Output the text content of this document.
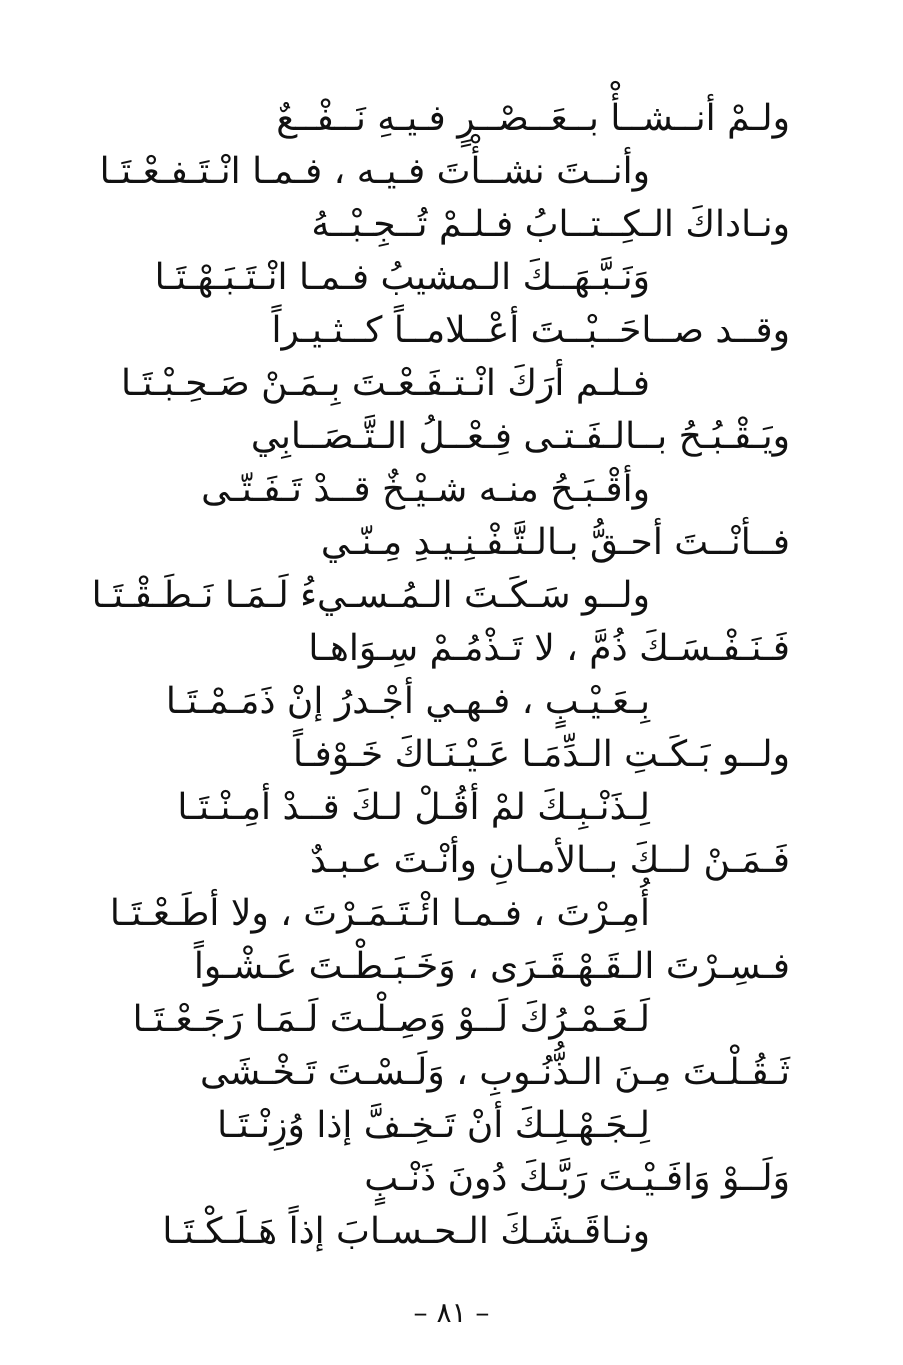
ولـمْ أنــشــأْ بــعَــصْــرٍ فـيـهِ نَــفْــعٌ
وأنــتَ نشــأْتَ فـيـه ، فـمـا انْـتَـفـعْـتَـا
ونـاداكَ الـكِــتــابُ فـلـمْ تُــجِـبْــهُ
وَنَـبَّـهَــكَ الـمشيبُ فـمـا انْـتَـبَـهْـتَـا
وقــد صــاحَــبْــتَ أعْــلامــاً كــثـيـراً
فـلـم أرَكَ انْـتـفَـعْـتَ بِـمَـنْ صَـحِـبْـتَـا
ويَـقْـبُـحُ بــالـفَـتـى فِـعْــلُ الـتَّـصَــابِي
وأقْـبَـحُ منـه شـيْـخٌ قــدْ تَـفَـتّـى
فــأنْــتَ أحـقُّ بـالـتَّـفْـنِـيـدِ مِـنّـي
ولــو سَـكَـتَ الـمُـسـيءُ لَـمَـا نَـطَـقْـتَـا
فَـنَـفْـسَـكَ ذُمَّ ، لا تَـذْمُـمْ سِـوَاهـا
بِـعَـيْـبٍ ، فـهـي أجْـدرُ إنْ ذَمَـمْـتَـا
ولــو بَـكَـتِ الـدِّمَـا عَـيْـنَـاكَ خَـوْفـاً
لِـذَنْـبِـكَ لمْ أقُـلْ لـكَ قــدْ أمِـنْـتَـا
فَـمَـنْ لــكَ بــالأمـانِ وأنْـتَ عـبـدٌ
أُمِـرْتَ ، فـمـا ائْـتَـمَـرْتَ ، ولا أطَـعْـتَـا
فـسِـرْتَ الـقَـهْـقَـرَى ، وَخَـبَـطْـتَ عَـشْـواً
لَـعَـمْـرُكَ لَــوْ وَصِـلْـتَ لَـمَـا رَجَـعْـتَـا
ثَـقُـلْـتَ مِـنَ الـذُّنُـوبِ ، وَلَـسْـتَ تَـخْـشَى
لِـجَـهْـلِـكَ أنْ تَـخِـفَّ إذا وُزِنْـتَـا
وَلَــوْ وَافَـيْـتَ رَبَّـكَ دُونَ ذَنْـبٍ
ونـاقَـشَـكَ الـحـسـابَ إذاً هَـلَـكْـتَـا
– ٨١ –
